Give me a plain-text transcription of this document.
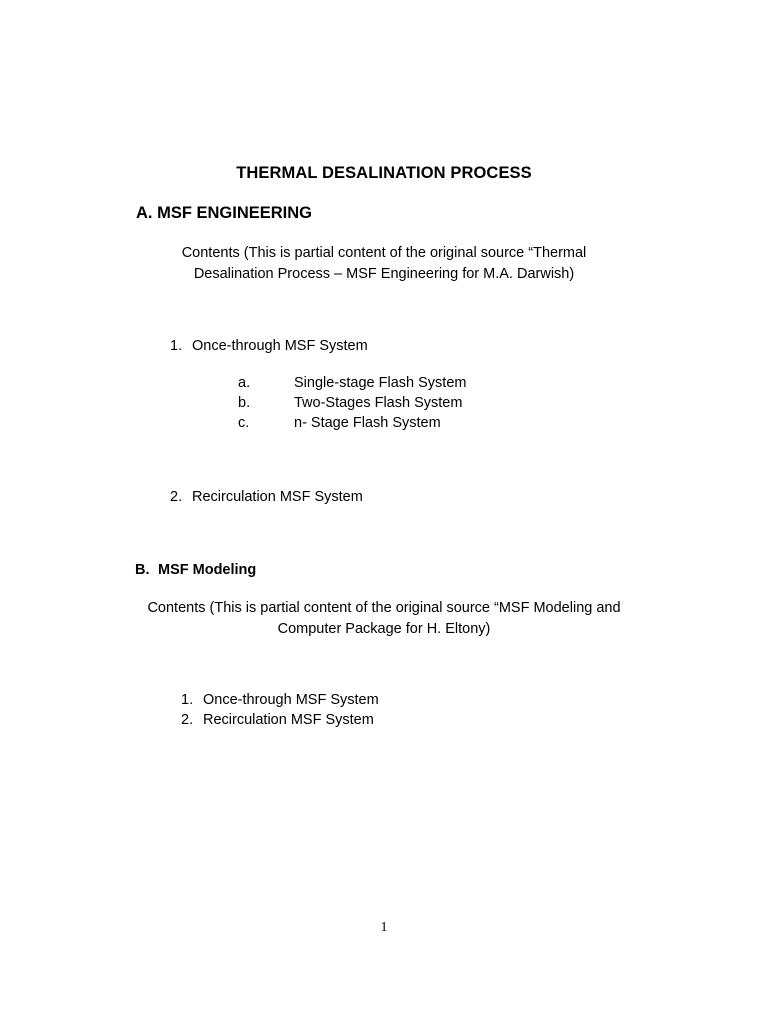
THERMAL DESALINATION PROCESS
A. MSF ENGINEERING
Contents (This is partial content of the original source “Thermal
Desalination Process – MSF Engineering for M.A. Darwish)
1. Once-through MSF System
a.	Single-stage Flash System
b.	Two-Stages Flash System
c.	n- Stage Flash System
2. Recirculation MSF System
B. MSF Modeling
Contents (This is partial content of the original source “MSF Modeling and
Computer Package for H. Eltony)
1. Once-through MSF System
2. Recirculation MSF System
1
